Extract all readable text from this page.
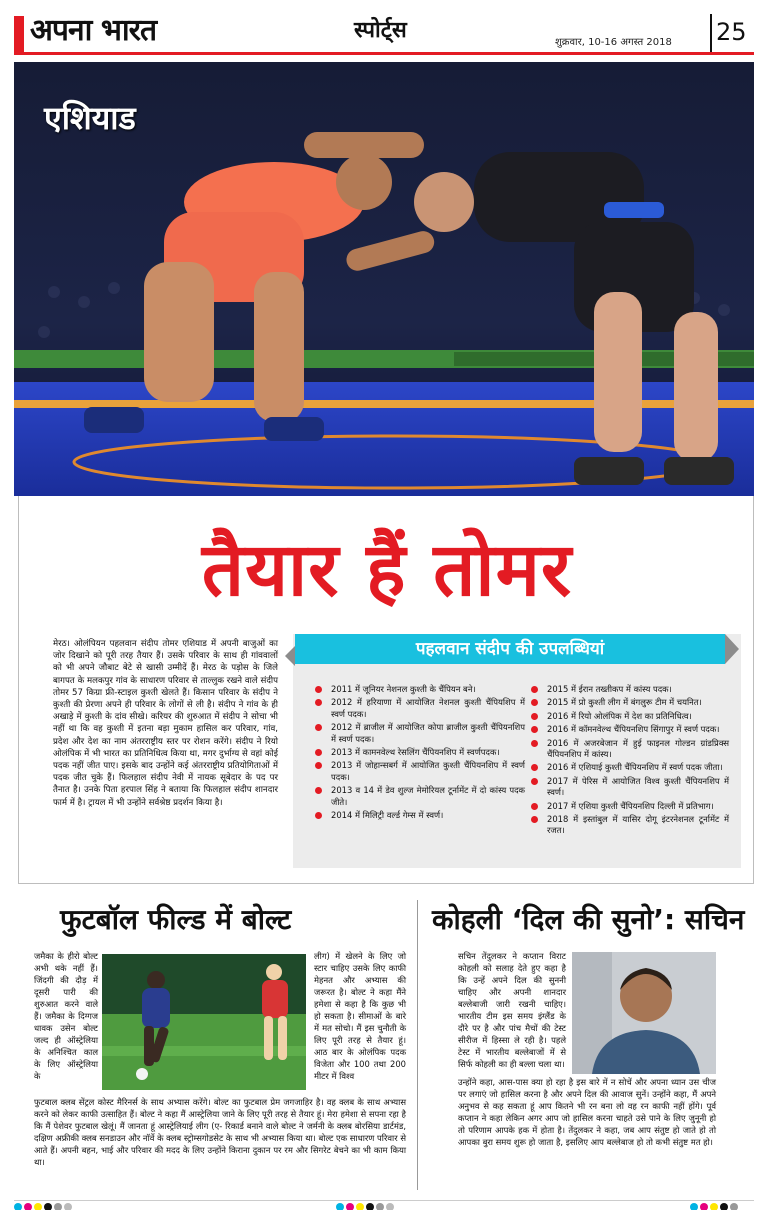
अपना भारत	स्पोर्ट्स	शुक्रवार, 10-16 अगस्त 2018 25
एशियाड
तैयार हैं तोमर
मेरठ। ओलंपियन पहलवान संदीप तोमर एशियाड में अपनी बाजुओं का जोर दिखाने को पूरी तरह तैयार हैं। उसके परिवार के साथ ही गांववालों को भी अपने जौबाट बेटे से खासी उम्मीदें हैं। मेरठ के पड़ोस के जिले बागपत के मलकपुर गांव के साधारण परिवार से ताल्लुक रखने वाले संदीप तोमर 57 किग्रा फ्री-स्टाइल कुश्ती खेलते हैं। किसान परिवार के संदीप ने कुश्ती की प्रेरणा अपने ही परिवार के लोगों से ली है। संदीप ने गांव के ही अखाड़े में कुश्ती के दांव सीखे। करियर की शुरुआत में संदीप ने सोचा भी नहीं था कि वह कुश्ती में इतना बड़ा मुकाम हासिल कर परिवार, गांव, प्रदेश और देश का नाम अंतरराष्ट्रीय स्तर पर रोशन करेंगे। संदीप ने रियो ओलंपिक में भी भारत का प्रतिनिधित्व किया था, मगर दुर्भाग्य से वहां कोई पदक नहीं जीत पाए। इसके बाद उन्होंने कई अंतरराष्ट्रीय प्रतियोगिताओं में पदक जीत चुके हैं। फिलहाल संदीप नेवी में नायक सूबेदार के पद पर तैनात है। उनके पिता हरपाल सिंह ने बताया कि फिलहाल संदीप शानदार फार्म में है। ट्रायल में भी उन्होंने सर्वश्रेष्ठ प्रदर्शन किया है।
पहलवान संदीप की उपलब्धियां
2011 में जूनियर नेशनल कुश्ती के चैंपियन बने।
2012 में हरियाणा में आयोजित नेशनल कुश्ती चैंपियशिप में स्वर्ण पदक।
2012 में ब्राजील में आयोजित कोपा ब्राजील कुश्ती चैंपियनशिप में स्वर्ण पदक।
2013 में कामनवेल्थ रेसलिंग चैंपियनशिप में स्वर्णपदक।
2013 में जोहान्सबर्ग में आयोजित कुश्ती चैंपियनशिप में स्वर्ण पदक।
2013 व 14 में डेव शुल्ज मेमोरियल टूर्नामेंट में दो कांस्य पदक जीते।
2014 में मिलिट्री वर्ल्ड गेम्स में स्वर्ण।
2015 में ईरान तख्तीकप में कांस्य पदक।
2015 में प्रो कुश्ती लीग में बंगलुरू टीम में चयनित।
2016 में रियो ओलंपिक में देश का प्रतिनिधित्व।
2016 में कॉमनवेल्थ चैंपियनशिप सिंगापुर में स्वर्ण पदक।
2016 में अजरबेजान में हुई फाइनल गोल्डन ग्रांडप्रिक्स चैंपियनशिप में कांस्य।
2016 में एशियाई कुश्ती चैंपियनशिप में स्वर्ण पदक जीता।
2017 में पेरिस में आयोजित विश्व कुश्ती चैंपियनशिप में स्वर्ण।
2017 में एशिया कुश्ती चैंपियनशिप दिल्ली में प्रतिभाग।
2018 में इस्तांबुल में यासिर दोगू इंटरनेशनल टूर्नामेंट में रजत।
फुटबॉल फील्ड में बोल्ट	कोहली ‘दिल की सुनो’: सचिन
जमैका के हीरो बोल्ट अभी थके नहीं हैं। जिंदगी की दौड़ में दूसरी पारी की शुरुआत करने वाले हैं। जमैका के दिग्गज धावक उसेन बोल्ट जल्द ही ऑस्ट्रेलिया के अनिश्चित काल के लिए ऑस्ट्रेलिया के
लीग) में खेलने के लिए जो स्टार चाहिए उसके लिए काफी मेहनत और अभ्यास की जरूरत है। बोल्ट ने कहा मैंने हमेशा से कहा है कि कुछ भी हो सकता है। सीमाओं के बारे में मत सोचो। मैं इस चुनौती के लिए पूरी तरह से तैयार हूं। आठ बार के ओलंपिक पदक विजेता और 100 तथा 200 मीटर में विश्व
फुटबाल क्लब सेंट्रल कोस्ट मैरिनर्स के साथ अभ्यास करेंगे। बोल्ट का फुटबाल प्रेम जगजाहिर है। वह क्लब के साथ अभ्यास करने को लेकर काफी उत्साहित हैं। बोल्ट ने कहा मैं आस्ट्रेलिया जाने के लिए पूरी तरह से तैयार हूं। मेरा हमेशा से सपना रहा है कि मैं पेशेवर फुटबाल खेलूं। मैं जानता हूं आस्ट्रेलियाई लीग (ए- रिकार्ड बनाने वाले बोल्ट ने जर्मनी के क्लब बोरसिया डार्टमंड, दक्षिण अफ्रीकी क्लब सनडाउन और नॉर्वे के क्लब स्ट्रोम्सगोडसेट के साथ भी अभ्यास किया था। बोल्ट एक साधारण परिवार से आते हैं। अपनी बहन, भाई और परिवार की मदद के लिए उन्होंने किराना दुकान पर रम और सिगरेट बेचने का भी काम किया था।
सचिन तेंदुलकर ने कप्तान विराट कोहली को सलाह देते हुए कहा है कि उन्हें अपने दिल की सुननी चाहिए और अपनी शानदार बल्लेबाजी जारी रखनी चाहिए। भारतीय टीम इस समय इंग्लैंड के दौरे पर है और पांच मैचों की टेस्ट सीरीज में हिस्सा ले रही है। पहले टेस्ट में भारतीय बल्लेबाजों में से सिर्फ कोहली का ही बल्ला चला था।
उन्होंने कहा, आस-पास क्या हो रहा है इस बारे में न सोचें और अपना ध्यान उस चीज पर लगाएं जो हासिल करना है और अपने दिल की आवाज सुनें। उन्होंने कहा, मैं अपने अनुभव से कह सकता हूं आप कितने भी रन बना लो वह रन काफी नहीं होंगे। पूर्व कप्तान ने कहा लेकिन अगर आप जो हासिल करना चाहते उसे पाने के लिए जुनूनी हो तो परिणाम आपके हक में होता है। तेंदुलकर ने कहा, जब आप संतुष्ट हो जाते हो तो आपका बुरा समय शुरू हो जाता है, इसलिए आप बल्लेबाज हो तो कभी संतुष्ट मत हो।
